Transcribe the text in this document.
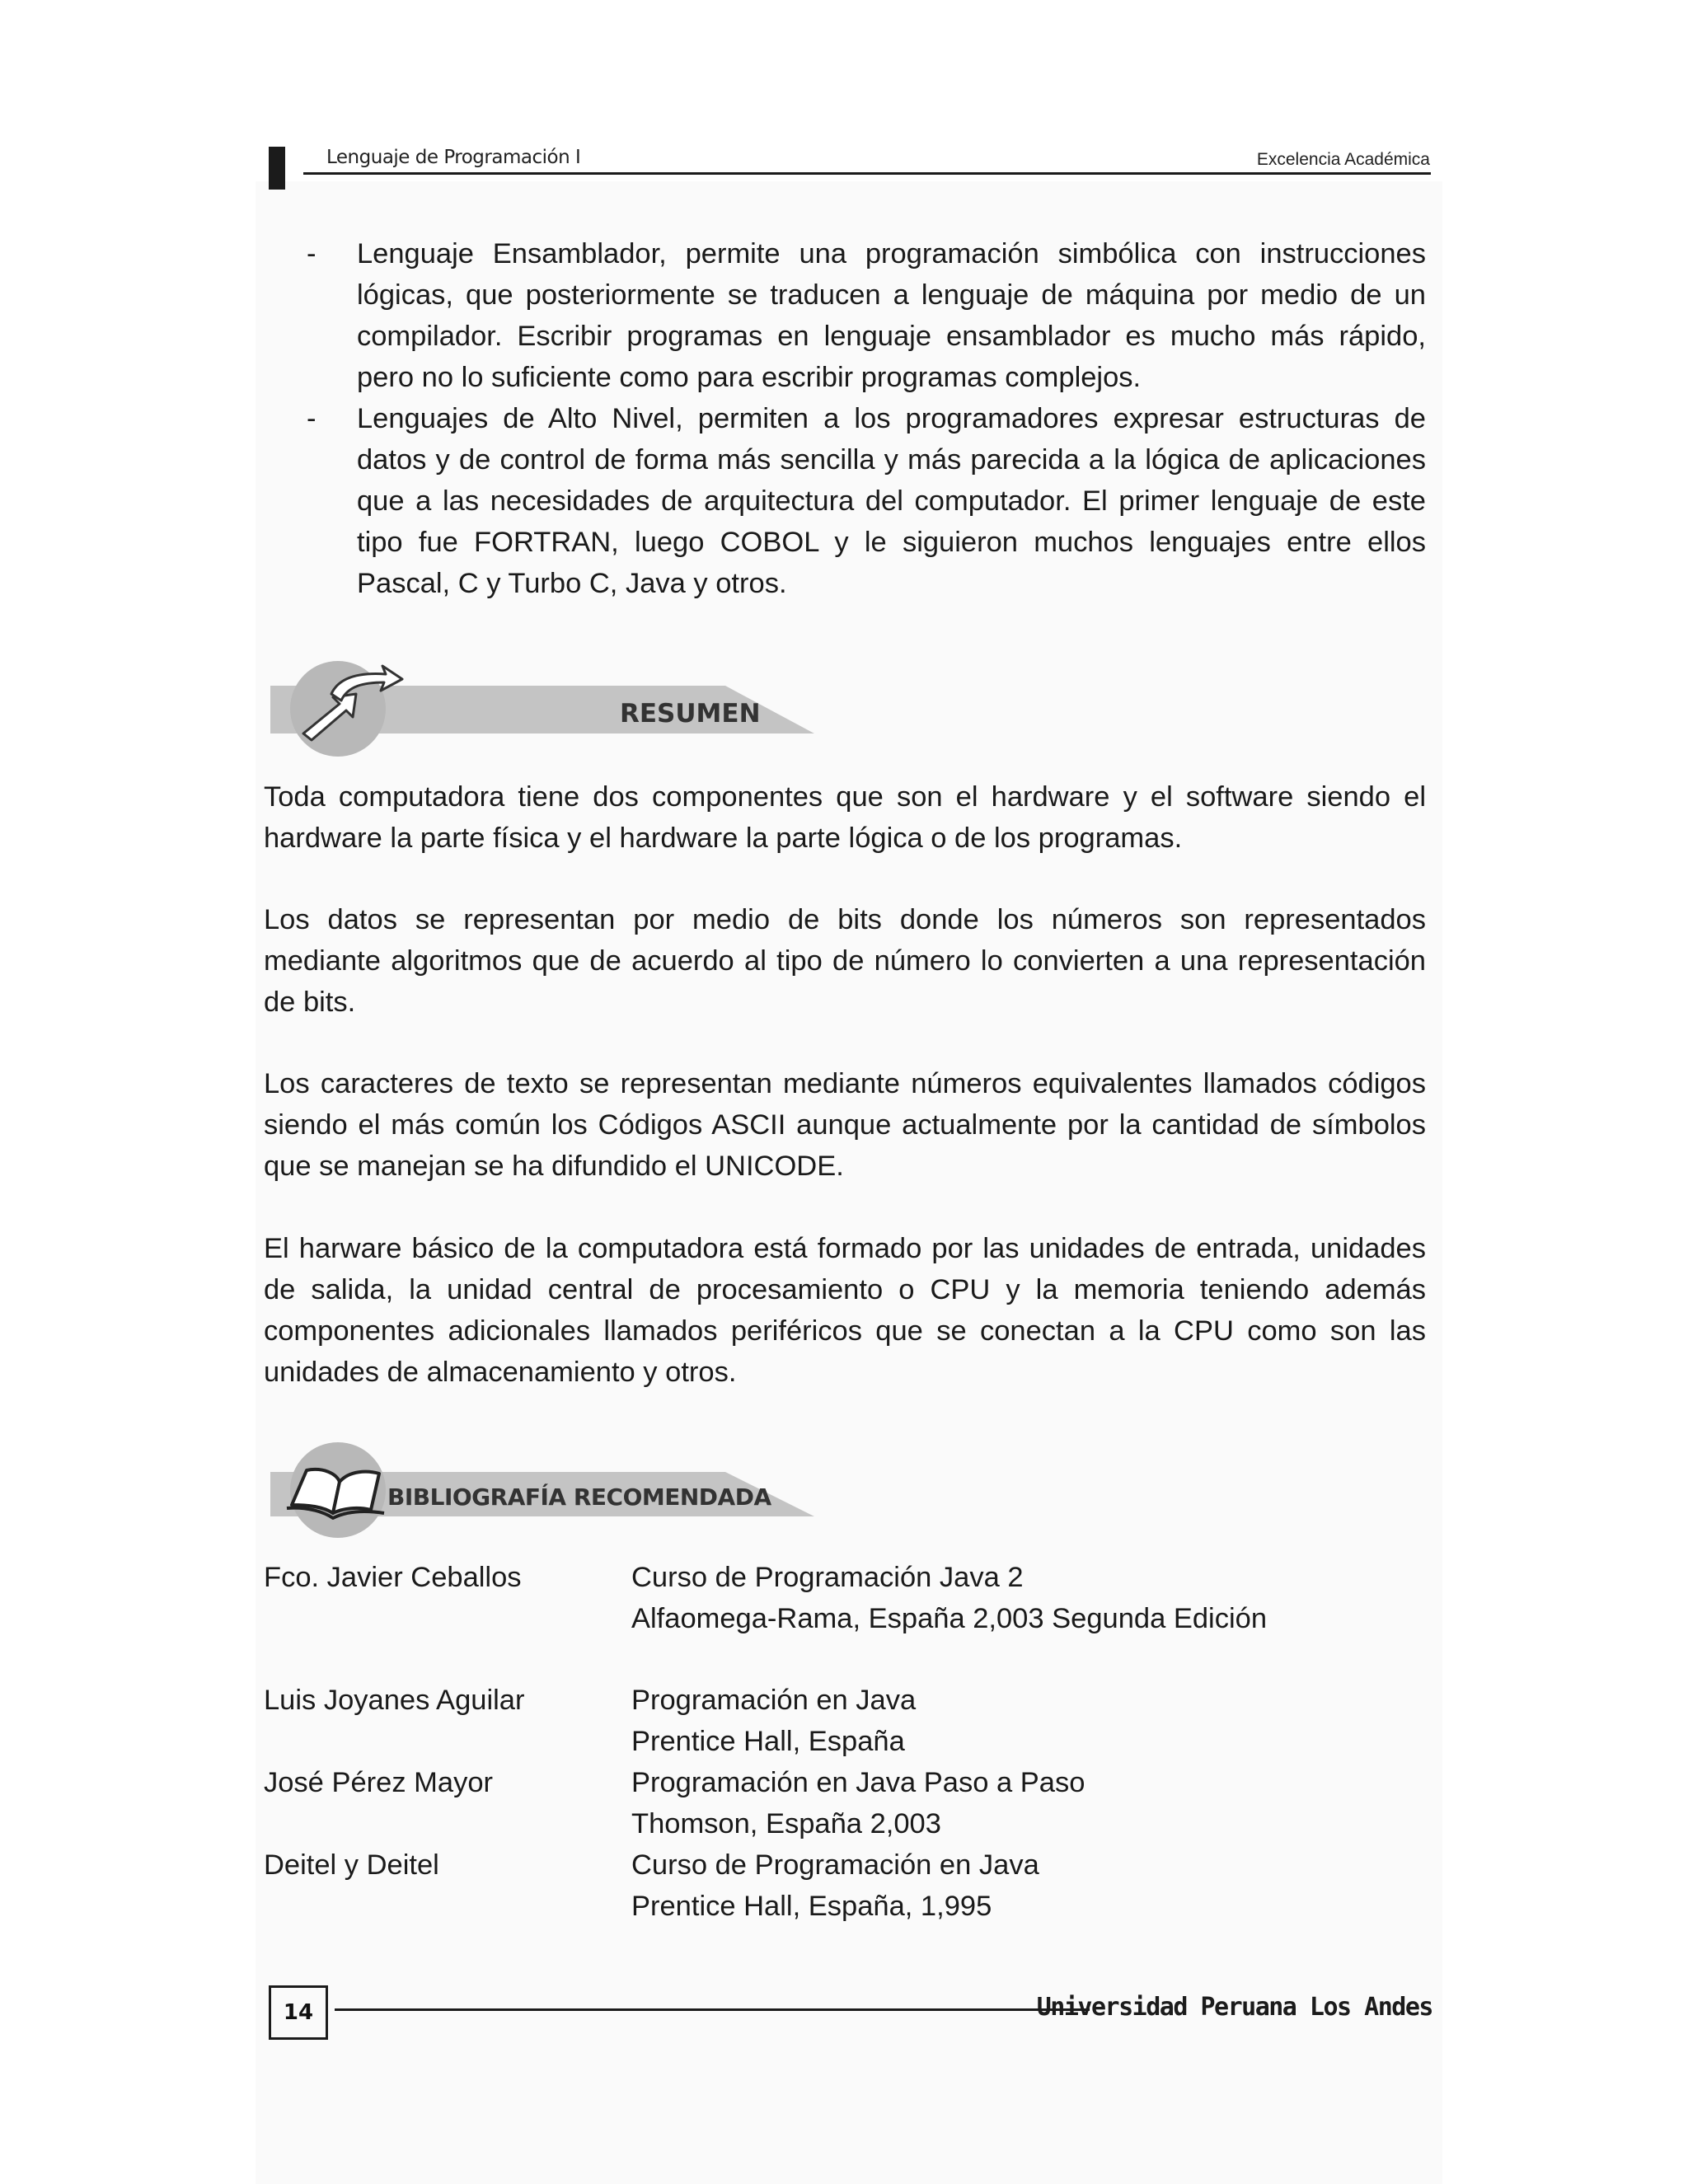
Lenguaje de Programación I	Excelencia Académica
- Lenguaje Ensamblador, permite una programación simbólica con instrucciones lógicas, que posteriormente se traducen a lenguaje de máquina por medio de un compilador. Escribir programas en lenguaje ensamblador es mucho más rápido, pero no lo suficiente como para escribir programas complejos.

- Lenguajes de Alto Nivel, permiten a los programadores expresar estructuras de datos y de control de forma más sencilla y más parecida a la lógica de aplicaciones que a las necesidades de arquitectura del computador. El primer lenguaje de este tipo fue FORTRAN, luego COBOL y le siguieron muchos lenguajes entre ellos Pascal, C y Turbo C, Java y otros.

RESUMEN

Toda computadora tiene dos componentes que son el hardware y el software siendo el hardware la parte física y el hardware la parte lógica o de los programas.

Los datos se representan por medio de bits donde los números son representados mediante algoritmos que de acuerdo al tipo de número lo convierten a una representación de bits.

Los caracteres de texto se representan mediante números equivalentes llamados códigos siendo el más común los Códigos ASCII aunque actualmente por la cantidad de símbolos que se manejan se ha difundido el UNICODE.

El harware básico de la computadora está formado por las unidades de entrada, unidades de salida, la unidad central de procesamiento o CPU y la memoria teniendo además componentes adicionales llamados periféricos que se conectan a la CPU como son las unidades de almacenamiento y otros.

BIBLIOGRAFÍA RECOMENDADA
Fco. Javier Ceballos	Curso de Programación Java 2
Alfaomega-Rama, España 2,003 Segunda Edición
Luis Joyanes Aguilar	Programación en Java
Prentice Hall, España
José Pérez Mayor	Programación en Java Paso a Paso
Thomson, España 2,003
Deitel y Deitel	Curso de Programación en Java
Prentice Hall, España, 1,995
14	Universidad Peruana Los Andes
